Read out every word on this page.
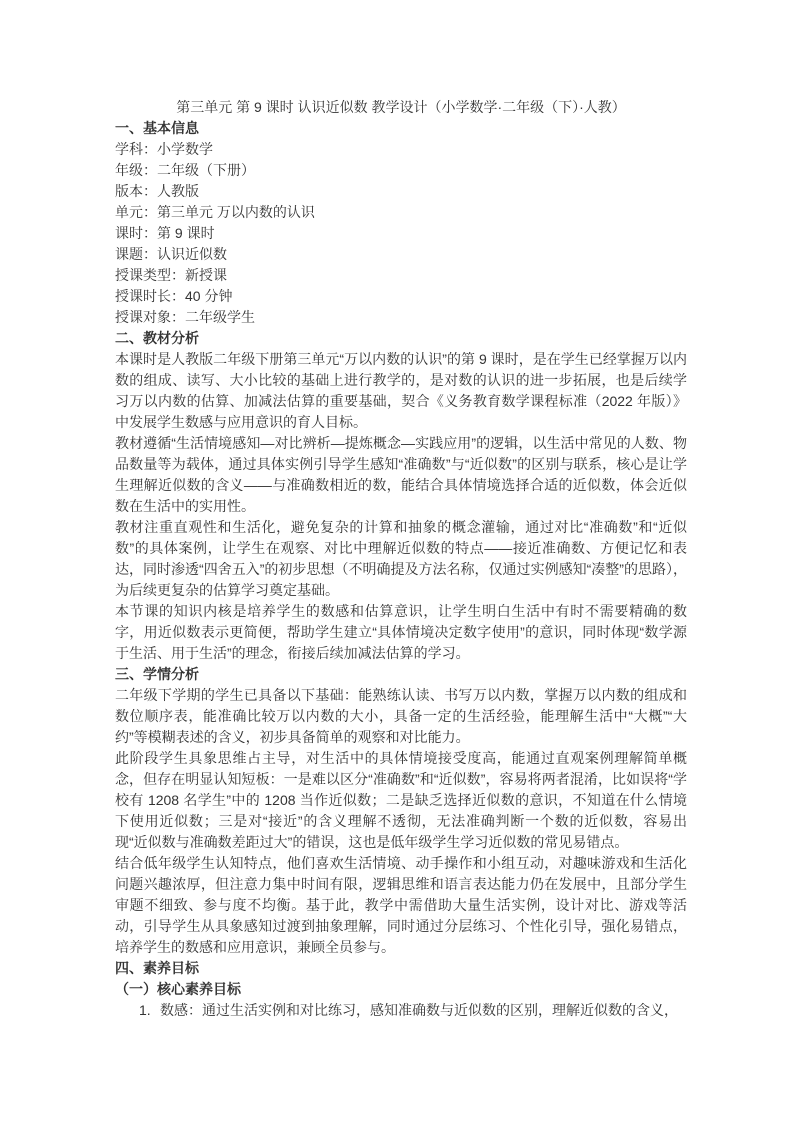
第三单元 第 9 课时 认识近似数 教学设计（小学数学·二年级（下）·人教）

一、基本信息

学科：小学数学

年级：二年级（下册）

版本：人教版

单元：第三单元 万以内数的认识

课时：第 9 课时

课题：认识近似数

授课类型：新授课

授课时长：40 分钟

授课对象：二年级学生

二、教材分析

本课时是人教版二年级下册第三单元“万以内数的认识”的第 9 课时，是在学生已经掌握万以内数的组成、读写、大小比较的基础上进行教学的，是对数的认识的进一步拓展，也是后续学习万以内数的估算、加减法估算的重要基础，契合《义务教育数学课程标准（2022 年版）》中发展学生数感与应用意识的育人目标。

教材遵循“生活情境感知—对比辨析—提炼概念—实践应用”的逻辑，以生活中常见的人数、物品数量等为载体，通过具体实例引导学生感知“准确数”与“近似数”的区别与联系，核心是让学生理解近似数的含义——与准确数相近的数，能结合具体情境选择合适的近似数，体会近似数在生活中的实用性。

教材注重直观性和生活化，避免复杂的计算和抽象的概念灌输，通过对比“准确数”和“近似数”的具体案例，让学生在观察、对比中理解近似数的特点——接近准确数、方便记忆和表达，同时渗透“四舍五入”的初步思想（不明确提及方法名称，仅通过实例感知“凑整”的思路），为后续更复杂的估算学习奠定基础。

本节课的知识内核是培养学生的数感和估算意识，让学生明白生活中有时不需要精确的数字，用近似数表示更简便，帮助学生建立“具体情境决定数字使用”的意识，同时体现“数学源于生活、用于生活”的理念，衔接后续加减法估算的学习。

三、学情分析

二年级下学期的学生已具备以下基础：能熟练认读、书写万以内数，掌握万以内数的组成和数位顺序表，能准确比较万以内数的大小，具备一定的生活经验，能理解生活中“大概”“大约”等模糊表述的含义，初步具备简单的观察和对比能力。

此阶段学生具象思维占主导，对生活中的具体情境接受度高，能通过直观案例理解简单概念，但存在明显认知短板：一是难以区分“准确数”和“近似数”，容易将两者混淆，比如误将“学校有 1208 名学生”中的 1208 当作近似数；二是缺乏选择近似数的意识，不知道在什么情境下使用近似数；三是对“接近”的含义理解不透彻，无法准确判断一个数的近似数，容易出现“近似数与准确数差距过大”的错误，这也是低年级学生学习近似数的常见易错点。

结合低年级学生认知特点，他们喜欢生活情境、动手操作和小组互动，对趣味游戏和生活化问题兴趣浓厚，但注意力集中时间有限，逻辑思维和语言表达能力仍在发展中，且部分学生审题不细致、参与度不均衡。基于此，教学中需借助大量生活实例，设计对比、游戏等活动，引导学生从具象感知过渡到抽象理解，同时通过分层练习、个性化引导，强化易错点，培养学生的数感和应用意识，兼顾全员参与。

四、素养目标

（一）核心素养目标

1. 数感：通过生活实例和对比练习，感知准确数与近似数的区别，理解近似数的含义，
